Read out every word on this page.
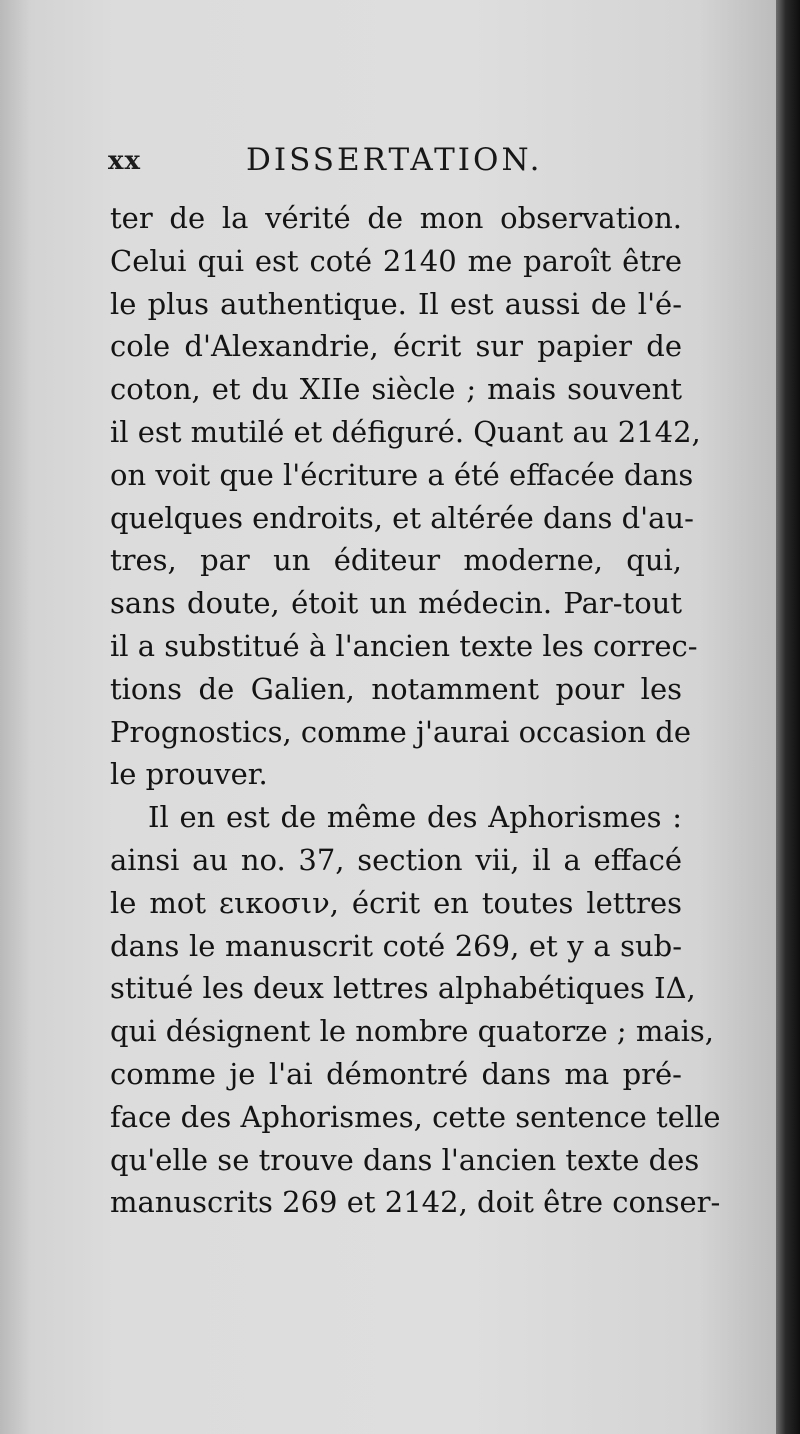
xx	DISSERTATION.
ter de la vérité de mon observation.
Celui qui est coté 2140 me paroît être
le plus authentique. Il est aussi de l'é-
cole d'Alexandrie, écrit sur papier de
coton, et du XIIe siècle ; mais souvent
il est mutilé et défiguré. Quant au 2142,
on voit que l'écriture a été effacée dans
quelques endroits, et altérée dans d'au-
tres, par un éditeur moderne, qui,
sans doute, étoit un médecin. Par-tout
il a substitué à l'ancien texte les correc-
tions de Galien, notamment pour les
Prognostics, comme j'aurai occasion de
le prouver.
Il en est de même des Aphorismes :
ainsi au no. 37, section vii, il a effacé
le mot εικοσιν, écrit en toutes lettres
dans le manuscrit coté 269, et y a sub-
stitué les deux lettres alphabétiques ΙΔ,
qui désignent le nombre quatorze ; mais,
comme je l'ai démontré dans ma pré-
face des Aphorismes, cette sentence telle
qu'elle se trouve dans l'ancien texte des
manuscrits 269 et 2142, doit être conser-
